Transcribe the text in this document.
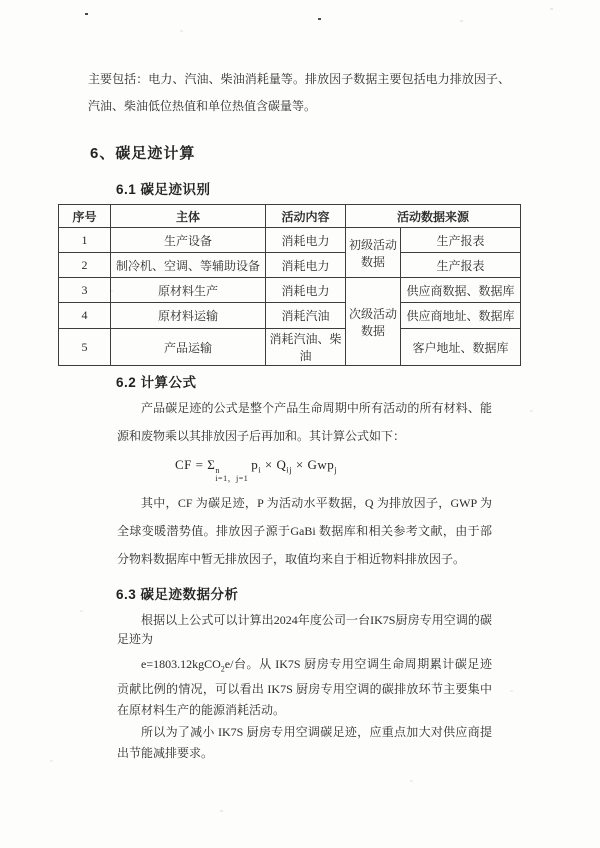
主要包括：电力、汽油、柴油消耗量等。排放因子数据主要包括电力排放因子、汽油、柴油低位热值和单位热值含碳量等。

6、碳足迹计算
6.1 碳足迹识别
序号	主体	活动内容	活动数据来源	
1	生产设备	消耗电力	初级活动数据	生产报表
2	制冷机、空调、等辅助设备	消耗电力		生产报表
3	原材料生产	消耗电力	次级活动数据	供应商数据、数据库
4	原材料运输	消耗汽油		供应商地址、数据库
5	产品运输	消耗汽油、柴油		客户地址、数据库
6.2 计算公式

产品碳足迹的公式是整个产品生命周期中所有活动的所有材料、能源和废物乘以其排放因子后再加和。其计算公式如下：

CF = Σ n
i=1，j=1
$p_i \times Q_{ij} \times Gwp_j$

其中，CF 为碳足迹，P 为活动水平数据，Q 为排放因子，GWP 为全球变暖潜势值。排放因子源于GaBi 数据库和相关参考文献，由于部分物料数据库中暂无排放因子，取值均来自于相近物料排放因子。

6.3 碳足迹数据分析

根据以上公式可以计算出2024年度公司一台IK7S厨房专用空调的碳足迹为

e=1803.12kgCO$_2$e/台。从 IK7S 厨房专用空调生命周期累计碳足迹贡献比例的情况，可以看出 IK7S 厨房专用空调的碳排放环节主要集中在原材料生产的能源消耗活动。

所以为了减小 IK7S 厨房专用空调碳足迹，应重点加大对供应商提出节能减排要求。
